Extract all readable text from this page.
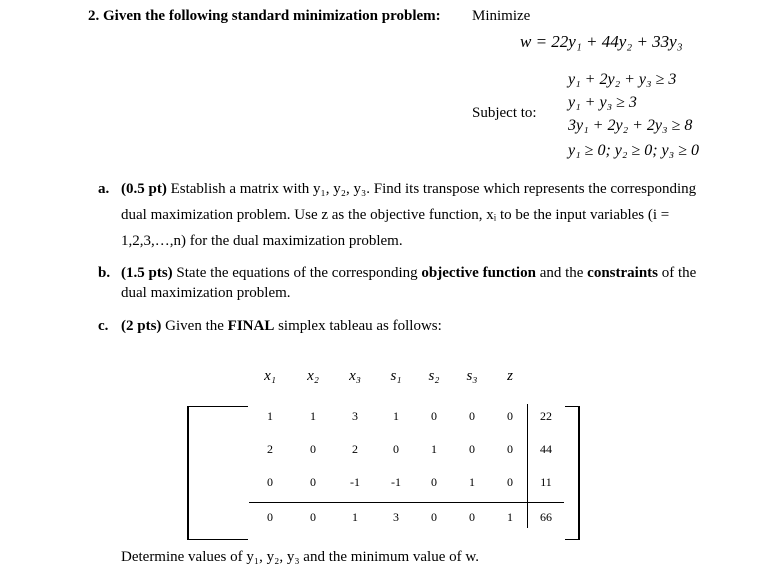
2. Given the following standard minimization problem: Minimize
w = 22y₁ + 44y₂ + 33y₃
Subject to:
y₁ + 2y₂ + y₃ ≥ 3
y₁ + y₃ ≥ 3
3y₁ + 2y₂ + 2y₃ ≥ 8
y₁ ≥ 0; y₂ ≥ 0; y₃ ≥ 0
a. (0.5 pt) Establish a matrix with y₁, y₂, y₃. Find its transpose which represents the corresponding
dual maximization problem. Use z as the objective function, xᵢ to be the input variables (i =
1,2,3,…,n) for the dual maximization problem.
b. (1.5 pts) State the equations of the corresponding objective function and the constraints of the
dual maximization problem.
c. (2 pts) Given the FINAL simplex tableau as follows:
x₁	x₂	x₃	s₁	s₂	s₃	z
1	1	3	1	0	0	0	22
2	0	2	0	1	0	0	44
0	0	-1	-1	0	1	0	11
0	0	1	3	0	0	1	66
Determine values of y₁, y₂, y₃ and the minimum value of w.
